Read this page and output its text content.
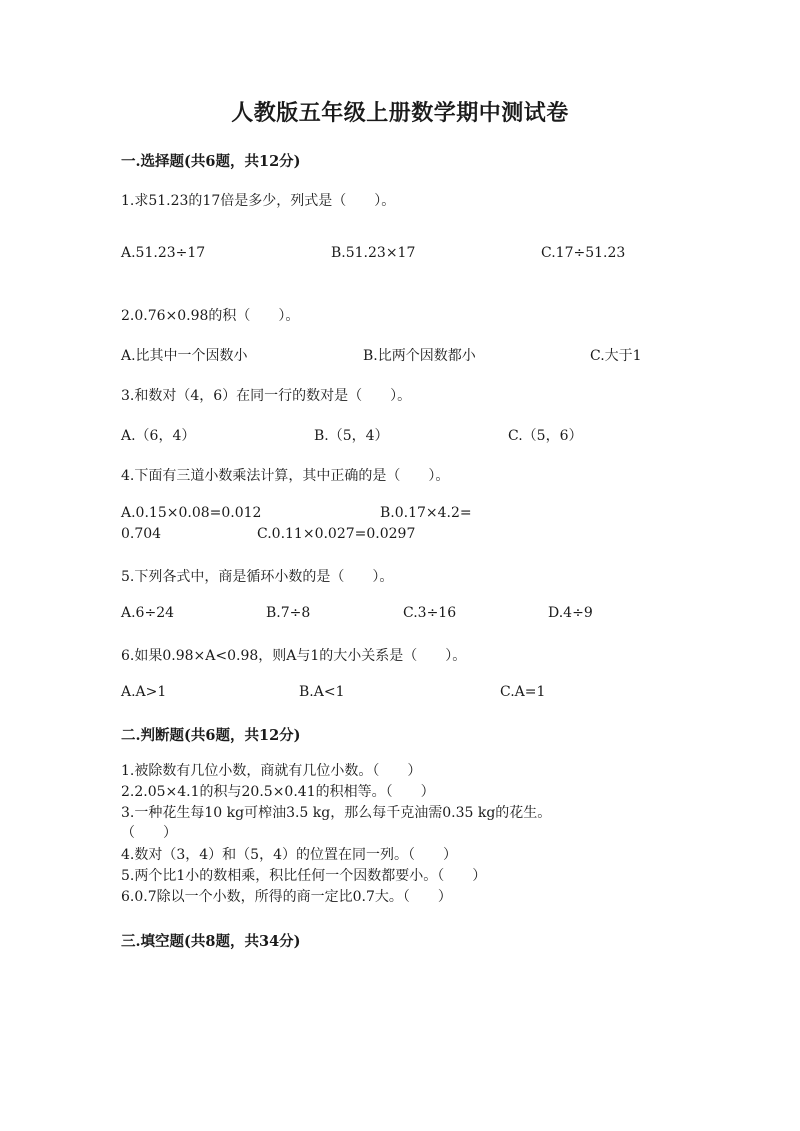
人教版五年级上册数学期中测试卷
一.选择题(共6题，共12分)
1.求51.23的17倍是多少，列式是（　　）。
A.51.23÷17	B.51.23×17	C.17÷51.23
2.0.76×0.98的积（　　）。
A.比其中一个因数小	B.比两个因数都小	C.大于1
3.和数对（4，6）在同一行的数对是（　　）。
A.（6，4）	B.（5，4）	C.（5，6）
4.下面有三道小数乘法计算，其中正确的是（　　）。
A.0.15×0.08=0.012	B.0.17×4.2=
0.704	C.0.11×0.027=0.0297
5.下列各式中，商是循环小数的是（　　）。
A.6÷24	B.7÷8	C.3÷16	D.4÷9
6.如果0.98×A<0.98，则A与1的大小关系是（　　）。
A.A>1	B.A<1	C.A=1
二.判断题(共6题，共12分)
1.被除数有几位小数，商就有几位小数。（　　）
2.2.05×4.1的积与20.5×0.41的积相等。（　　）
3.一种花生每10 kg可榨油3.5 kg，那么每千克油需0.35 kg的花生。
（　　）
4.数对（3，4）和（5，4）的位置在同一列。（　　）
5.两个比1小的数相乘，积比任何一个因数都要小。（　　）
6.0.7除以一个小数，所得的商一定比0.7大。（　　）
三.填空题(共8题，共34分)
